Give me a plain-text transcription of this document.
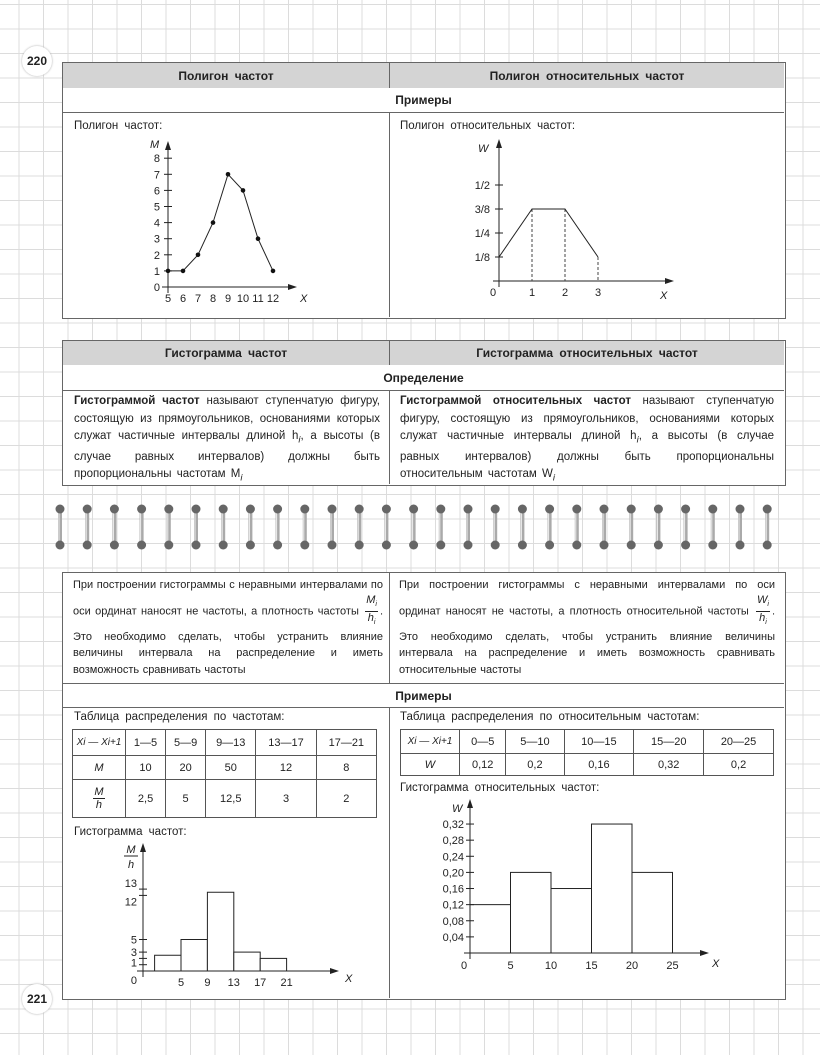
Полигон частот	Полигон относительных частот
Примеры
Полигон частот:	Полигон относительных частот:
Гистограмма частот	Гистограмма относительных частот
Определение
Гистограммой частот называют ступенчатую фигуру, состоящую из прямоугольников, основаниями которых служат частичные интервалы длиной $h_i$, а высоты (в случае равных интервалов) должны быть пропорциональны частотам $M_i$
Гистограммой относительных частот называют ступенчатую фигуру, состоящую из прямоугольников, основаниями которых служат частичные интервалы длиной $h_i$, а высоты (в случае равных интервалов) должны быть пропорциональны относительным частотам $W_i$
При построении гистограммы с неравными интервалами по оси ординат наносят не частоты, а плотность частоты $\frac{M_i}{h_i}$ . Это необходимо сделать, чтобы устранить влияние величины интервала на распределение и иметь возможность сравнивать частоты
При построении гистограммы с неравными интервалами по оси ординат наносят не частоты, а плотность относительной частоты $\frac{W_i}{h_i}$ . Это необходимо сделать, чтобы устранить влияние величины интервала на распределение и иметь возможность сравнивать относительные частоты
Примеры
Таблица распределения по частотам:	Таблица распределения по относительным частотам:
Гистограмма частот:
Гистограмма относительных частот:
Xi — Xi+1	1—5	5—9	9—13	13—17	17—21
M	10	20	50	12	8

$\frac{M}{h}$	2,5	5	12,5	3	2
Xi — Xi+1	0—5	5—10	10—15	15—20	20—25
W	0,12	0,2	0,16	0,32	0,2
0
1
2
3
4
5
6
7
8
5 6 7 8 9 10 11 12 X
M
1/8
1/4
3/8
1/2
0	1 2 3	X
W
0
1
3
5
12
13
5 9 13 17 21	X
M
h
0,04
0,08
0,12
0,16
0,20
0,24
0,28
0,32
0	5	10	15	20	25	X
W
220
221
